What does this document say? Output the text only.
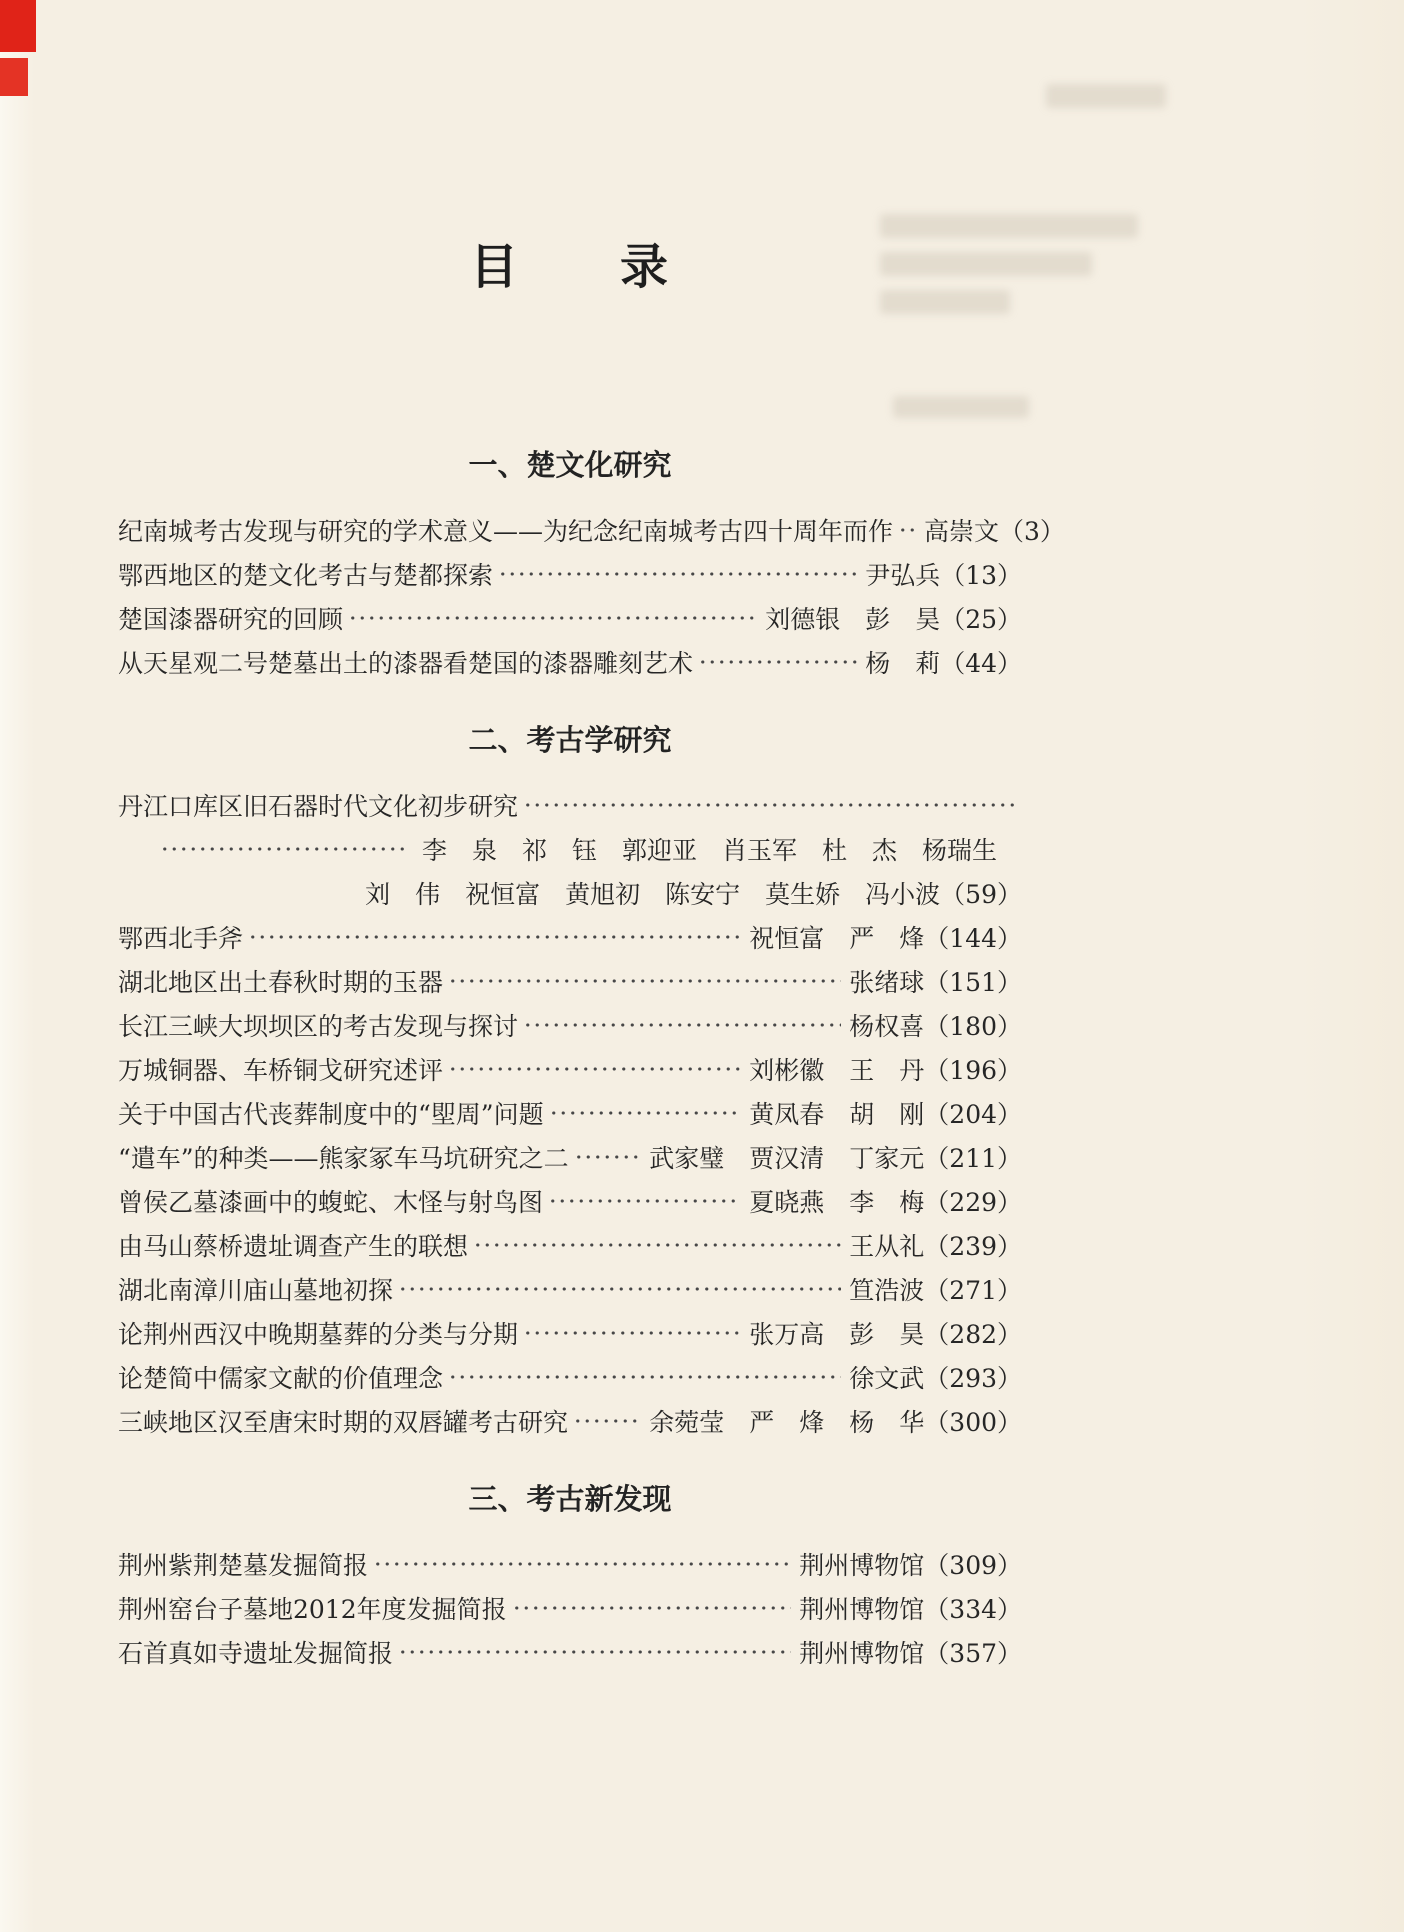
目　　录
一、楚文化研究
纪南城考古发现与研究的学术意义——为纪念纪南城考古四十周年而作 高崇文（3）
鄂西地区的楚文化考古与楚都探索	尹弘兵（13）
楚国漆器研究的回顾	刘德银　彭　昊（25）
从天星观二号楚墓出土的漆器看楚国的漆器雕刻艺术	杨　莉（44）
二、考古学研究
丹江口库区旧石器时代文化初步研究
李　泉　祁　钰　郭迎亚　肖玉军　杜　杰　杨瑞生
刘　伟　祝恒富　黄旭初　陈安宁　莫生娇　冯小波（59）
鄂西北手斧	祝恒富　严　烽（144）
湖北地区出土春秋时期的玉器	张绪球（151）
长江三峡大坝坝区的考古发现与探讨	杨权喜（180）
万城铜器、车桥铜戈研究述评	刘彬徽　王　丹（196）
关于中国古代丧葬制度中的“堲周”问题	黄凤春　胡　刚（204）
“遣车”的种类——熊家冢车马坑研究之二	武家璧　贾汉清　丁家元（211）
曾侯乙墓漆画中的蝮蛇、木怪与射鸟图	夏晓燕　李　梅（229）
由马山蔡桥遗址调查产生的联想	王从礼（239）
湖北南漳川庙山墓地初探	笪浩波（271）
论荆州西汉中晚期墓葬的分类与分期	张万高　彭　昊（282）
论楚简中儒家文献的价值理念	徐文武（293）
三峡地区汉至唐宋时期的双唇罐考古研究	余菀莹　严　烽　杨　华（300）
三、考古新发现
荆州紫荆楚墓发掘简报	荆州博物馆（309）
荆州窑台子墓地2012年度发掘简报	荆州博物馆（334）
石首真如寺遗址发掘简报	荆州博物馆（357）
